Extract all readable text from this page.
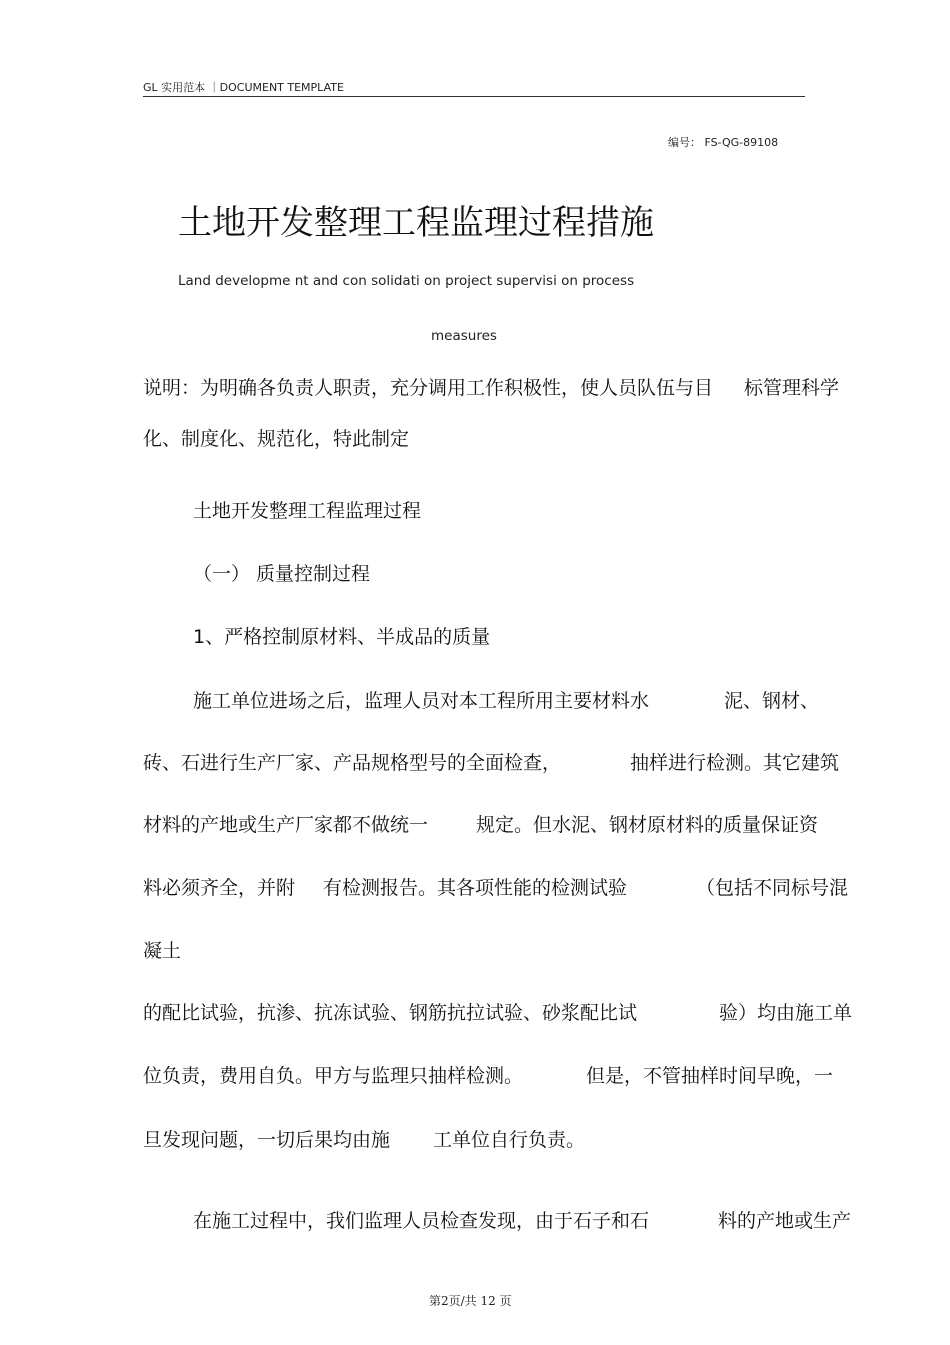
GL 实用范本 ｜DOCUMENT TEMPLATE
编号： FS-QG-89108
土地开发整理工程监理过程措施
Land developme nt and con solidati on project supervisi on process
measures
说明：为明确各负责人职责，充分调用工作积极性，使人员队伍与目 标管理科学
化、制度化、规范化，特此制定
土地开发整理工程监理过程
（一） 质量控制过程
1、严格控制原材料、半成品的质量
施工单位进场之后，监理人员对本工程所用主要材料水	泥、钢材、
砖、石进行生产厂家、产品规格型号的全面检查，	抽样进行检测。其它建筑
材料的产地或生产厂家都不做统一	规定。但水泥、钢材原材料的质量保证资
料必须齐全，并附 有检测报告。其各项性能的检测试验	（包括不同标号混
凝土
的配比试验，抗渗、抗冻试验、钢筋抗拉试验、砂浆配比试	验）均由施工单
位负责，费用自负。甲方与监理只抽样检测。	但是，不管抽样时间早晚，一
旦发现问题，一切后果均由施 工单位自行负责。
在施工过程中，我们监理人员检查发现，由于石子和石	料的产地或生产
第2页/共 12 页
